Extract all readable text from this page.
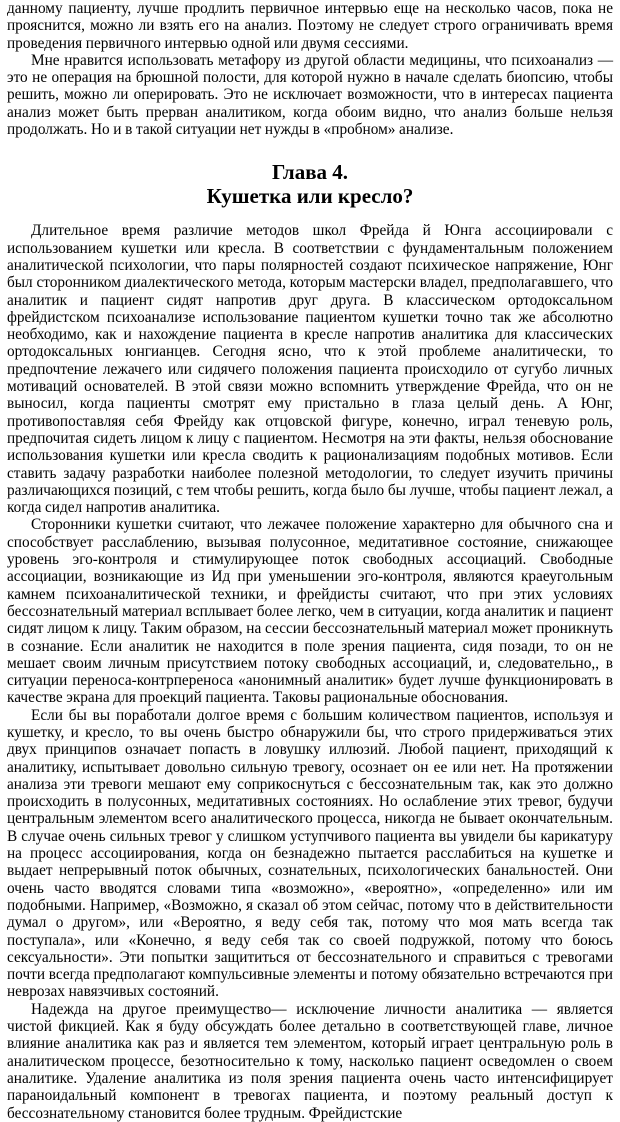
данному пациенту, лучше продлить первичное интервью еще на несколько часов, пока не прояснится, можно ли взять его на анализ. Поэтому не следует строго ограничивать время проведения первичного интервью одной или двумя сессиями.

Мне нравится использовать метафору из другой области медицины, что психоанализ — это не операция на брюшной полости, для которой нужно в начале сделать биопсию, чтобы решить, можно ли оперировать. Это не исключает возможности, что в интересах пациента анализ может быть прерван аналитиком, когда обоим видно, что анализ больше нельзя продолжать. Но и в такой ситуации нет нужды в «пробном» анализе.

Глава 4.
Кушетка или кресло?

Длительное время различие методов школ Фрейда й Юнга ассоциировали с использованием кушетки или кресла. В соответствии с фундаментальным положением аналитической психологии, что пары полярностей создают психическое напряжение, Юнг был сторонником диалектического метода, которым мастерски владел, предполагавшего, что аналитик и пациент сидят напротив друг друга. В классическом ортодоксальном фрейдистском психоанализе использование пациентом кушетки точно так же абсолютно необходимо, как и нахождение пациента в кресле напротив аналитика для классических ортодоксальных юнгианцев. Сегодня ясно, что к этой проблеме аналитически, то предпочтение лежачего или сидячего положения пациента происходило от сугубо личных мотиваций основателей. В этой связи можно вспомнить утверждение Фрейда, что он не выносил, когда пациенты смотрят ему пристально в глаза целый день. А Юнг, противопоставляя себя Фрейду как отцовской фигуре, конечно, играл теневую роль, предпочитая сидеть лицом к лицу с пациентом. Несмотря на эти факты, нельзя обоснование использования кушетки или кресла сводить к рационализациям подобных мотивов. Если ставить задачу разработки наиболее полезной методологии, то следует изучить причины различающихся позиций, с тем чтобы решить, когда было бы лучше, чтобы пациент лежал, а когда сидел напротив аналитика.

Сторонники кушетки считают, что лежачее положение характерно для обычного сна и способствует расслаблению, вызывая полусонное, медитативное состояние, снижающее уровень эго-контроля и стимулирующее поток свободных ассоциаций. Свободные ассоциации, возникающие из Ид при уменьшении эго-контроля, являются краеугольным камнем психоаналитической техники, и фрейдисты считают, что при этих условиях бессознательный материал всплывает более легко, чем в ситуации, когда аналитик и пациент сидят лицом к лицу. Таким образом, на сессии бессознательный материал может проникнуть в сознание. Если аналитик не находится в поле зрения пациента, сидя позади, то он не мешает своим личным присутствием потоку свободных ассоциаций, и, следовательно,, в ситуации переноса-контрпереноса «анонимный аналитик» будет лучше функционировать в качестве экрана для проекций пациента. Таковы рациональные обоснования.

Если бы вы поработали долгое время с большим количеством пациентов, используя и кушетку, и кресло, то вы очень быстро обнаружили бы, что строго придерживаться этих двух принципов означает попасть в ловушку иллюзий. Любой пациент, приходящий к аналитику, испытывает довольно сильную тревогу, осознает он ее или нет. На протяжении анализа эти тревоги мешают ему соприкоснуться с бессознательным так, как это должно происходить в полусонных, медитативных состояниях. Но ослабление этих тревог, будучи центральным элементом всего аналитического процесса, никогда не бывает окончательным. В случае очень сильных тревог у слишком уступчивого пациента вы увидели бы карикатуру на процесс ассоциирования, когда он безнадежно пытается расслабиться на кушетке и выдает непрерывный поток обычных, сознательных, психологических банальностей. Они очень часто вводятся словами типа «возможно», «вероятно», «определенно» или им подобными. Например, «Возможно, я сказал об этом сейчас, потому что в действительности думал о другом», или «Вероятно, я веду себя так, потому что моя мать всегда так поступала», или «Конечно, я веду себя так со своей подружкой, потому что боюсь сексуальности». Эти попытки защититься от бессознательного и справиться с тревогами почти всегда предполагают компульсивные элементы и потому обязательно встречаются при неврозах навязчивых состояний.

Надежда на другое преимущество— исключение личности аналитика — является чистой фикцией. Как я буду обсуждать более детально в соответствующей главе, личное влияние аналитика как раз и является тем элементом, который играет центральную роль в аналитическом процессе, безотносительно к тому, насколько пациент осведомлен о своем аналитике. Удаление аналитика из поля зрения пациента очень часто интенсифицирует параноидальный компонент в тревогах пациента, и поэтому реальный доступ к бессознательному становится более трудным. Фрейдистские
